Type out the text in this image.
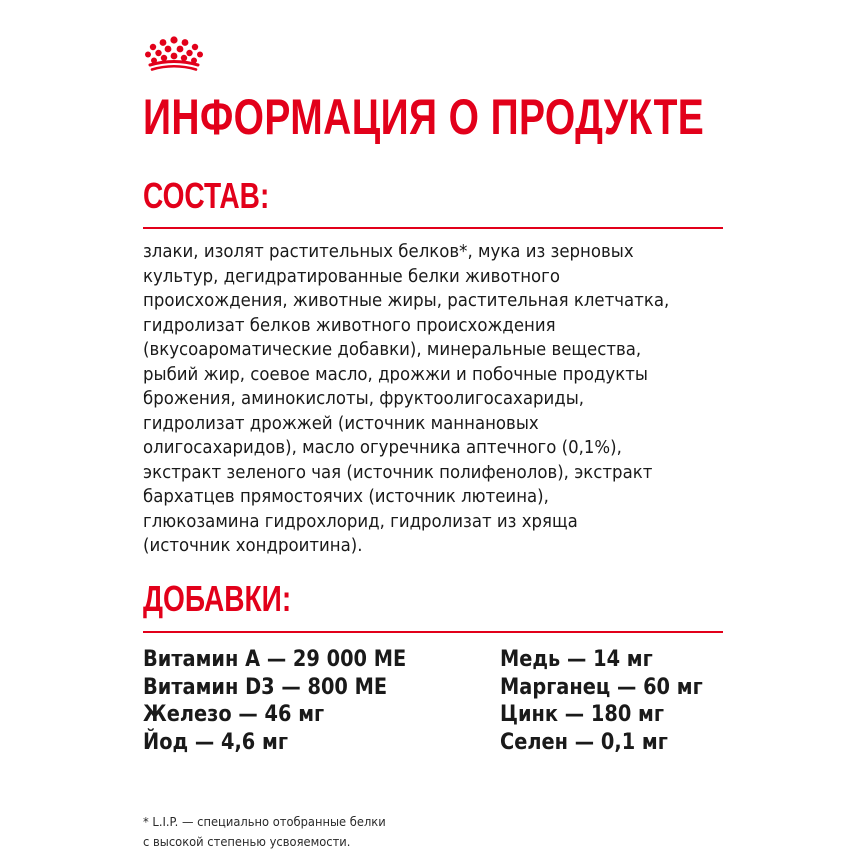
ИНФОРМАЦИЯ О ПРОДУКТЕ
СОСТАВ:
злаки, изолят растительных белков*, мука из зерновых
культур, дегидратированные белки животного
происхождения, животные жиры, растительная клетчатка,
гидролизат белков животного происхождения
(вкусоароматические добавки), минеральные вещества,
рыбий жир, соевое масло, дрожжи и побочные продукты
брожения, аминокислоты, фруктоолигосахариды,
гидролизат дрожжей (источник маннановых
олигосахаридов), масло огуречника аптечного (0,1%),
экстракт зеленого чая (источник полифенолов), экстракт
бархатцев прямостоячих (источник лютеина),
глюкозамина гидрохлорид, гидролизат из хряща
(источник хондроитина).
ДОБАВКИ:
Витамин А — 29 000 МЕ
Витамин D3 — 800 МЕ
Железо — 46 мг
Йод — 4,6 мг
Медь — 14 мг
Марганец — 60 мг
Цинк — 180 мг
Селен — 0,1 мг
* L.I.P. — специально отобранные белки
с высокой степенью усвояемости.
